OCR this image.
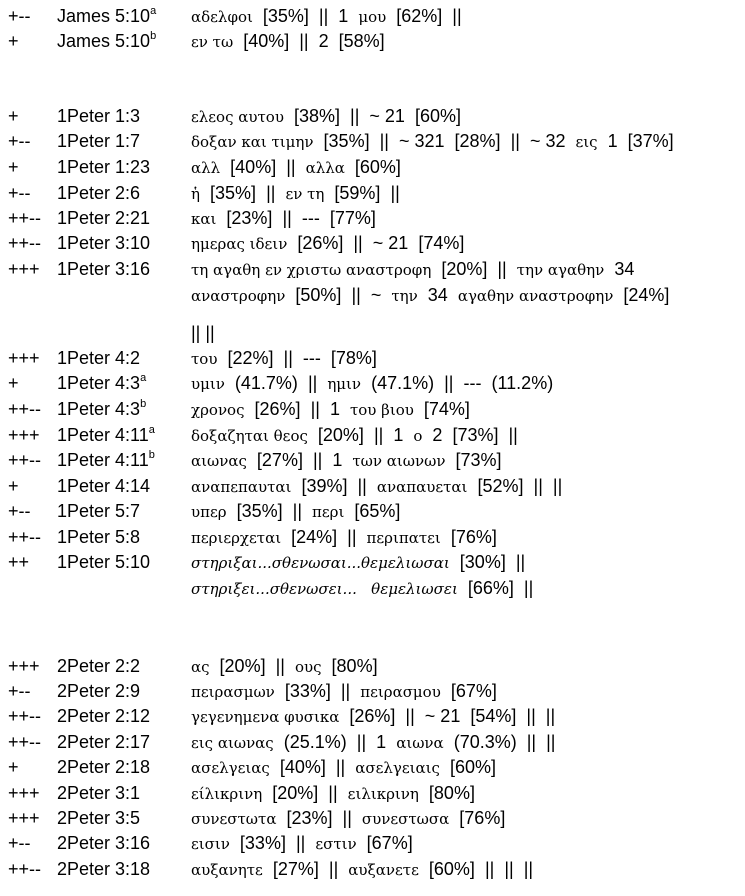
+-- James 5:10$^a$ αδελφοι [35%] || 1 μου [62%] ||
+ James 5:10$^b$ εν τω [40%] || 2 [58%]
+ 1Peter 1:3	ελεος αυτου [38%] || ~ 21 [60%]
+-- 1Peter 1:7	δοξαν και τιμην [35%] || ~ 321 [28%] || ~ 32 εις 1 [37%]
+ 1Peter 1:23	αλλ [40%] || αλλα [60%]
+-- 1Peter 2:6	ἡ [35%] || εν τη [59%] ||
++-- 1Peter 2:21	και [23%] || --- [77%]
++-- 1Peter 3:10	ημερας ιδειν [26%] || ~ 21 [74%]
+++ 1Peter 3:16	τη αγαθη εν χριστω αναστροφη [20%] || την αγαθην 34
αναστροφην [50%] || ~ την 34 αγαθην αναστροφην [24%]
|| ||
+++ 1Peter 4:2	του [22%] || --- [78%]
+ 1Peter 4:3$^a$	υμιν (41.7%) || ημιν (47.1%) || --- (11.2%)
++-- 1Peter 4:3$^b$	χρονος [26%] || 1 του βιου [74%]
+++ 1Peter 4:11$^a$ δοξαζηται θεος [20%] || 1 ο 2 [73%] ||
++-- 1Peter 4:11$^b$ αιωνας [27%] || 1 των αιωνων [73%]
+ 1Peter 4:14	αναπεπαυται [39%] || αναπαυεται [52%] || ||
+-- 1Peter 5:7	υπερ [35%] || περι [65%]
++-- 1Peter 5:8	περιερχεται [24%] || περιπατει [76%]
++ 1Peter 5:10	στηριξαι...σθενωσαι...θεμελιωσαι [30%] ||
στηριξει...σθενωσει...   θεμελιωσει [66%] ||
+++ 2Peter 2:2	ας [20%] || ους [80%]
+-- 2Peter 2:9	πειρασμων [33%] || πειρασμου [67%]
++-- 2Peter 2:12	γεγενημενα φυσικα [26%] || ~ 21 [54%] || ||
++-- 2Peter 2:17	εις αιωνας (25.1%) || 1 αιωνα (70.3%) || ||
+ 2Peter 2:18	ασελγειας [40%] || ασελγειαις [60%]
+++ 2Peter 3:1	είλικρινη [20%] || ειλικρινη [80%]
+++ 2Peter 3:5	συνεστωτα [23%] || συνεστωσα [76%]
+-- 2Peter 3:16	εισιν [33%] || εστιν [67%]
++-- 2Peter 3:18	αυξανητε [27%] || αυξανετε [60%] || || ||
